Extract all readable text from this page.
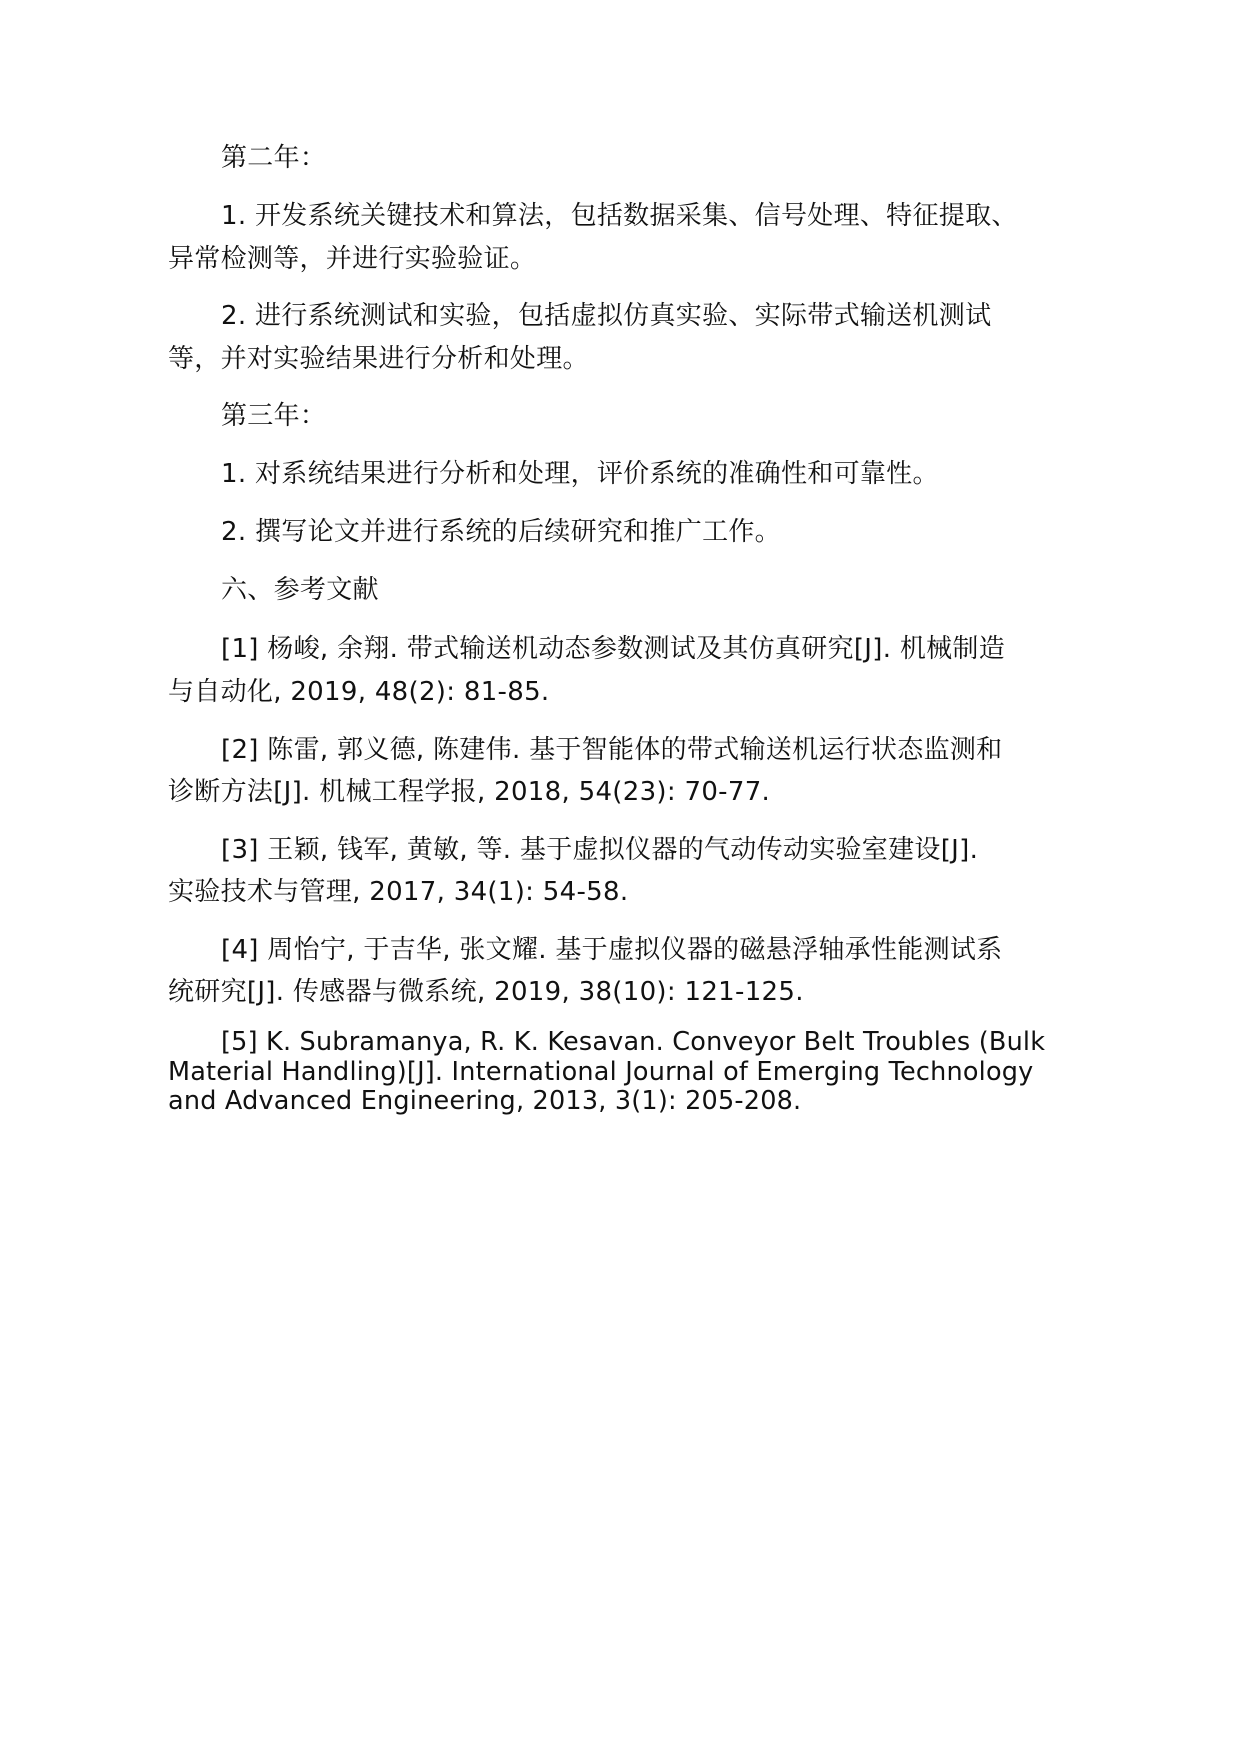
第二年：
1. 开发系统关键技术和算法，包括数据采集、信号处理、特征提取、
异常检测等，并进行实验验证。
2. 进行系统测试和实验，包括虚拟仿真实验、实际带式输送机测试
等，并对实验结果进行分析和处理。
第三年：
1. 对系统结果进行分析和处理，评价系统的准确性和可靠性。
2. 撰写论文并进行系统的后续研究和推广工作。
六、参考文献
[1] 杨峻, 余翔. 带式输送机动态参数测试及其仿真研究[J]. 机械制造
与自动化, 2019, 48(2): 81-85.
[2] 陈雷, 郭义德, 陈建伟. 基于智能体的带式输送机运行状态监测和
诊断方法[J]. 机械工程学报, 2018, 54(23): 70-77.
[3] 王颖, 钱军, 黄敏, 等. 基于虚拟仪器的气动传动实验室建设[J].
实验技术与管理, 2017, 34(1): 54-58.
[4] 周怡宁, 于吉华, 张文耀. 基于虚拟仪器的磁悬浮轴承性能测试系
统研究[J]. 传感器与微系统, 2019, 38(10): 121-125.
[5] K. Subramanya, R. K. Kesavan. Conveyor Belt Troubles (Bulk
Material Handling)[J]. International Journal of Emerging Technology
and Advanced Engineering, 2013, 3(1): 205-208.
